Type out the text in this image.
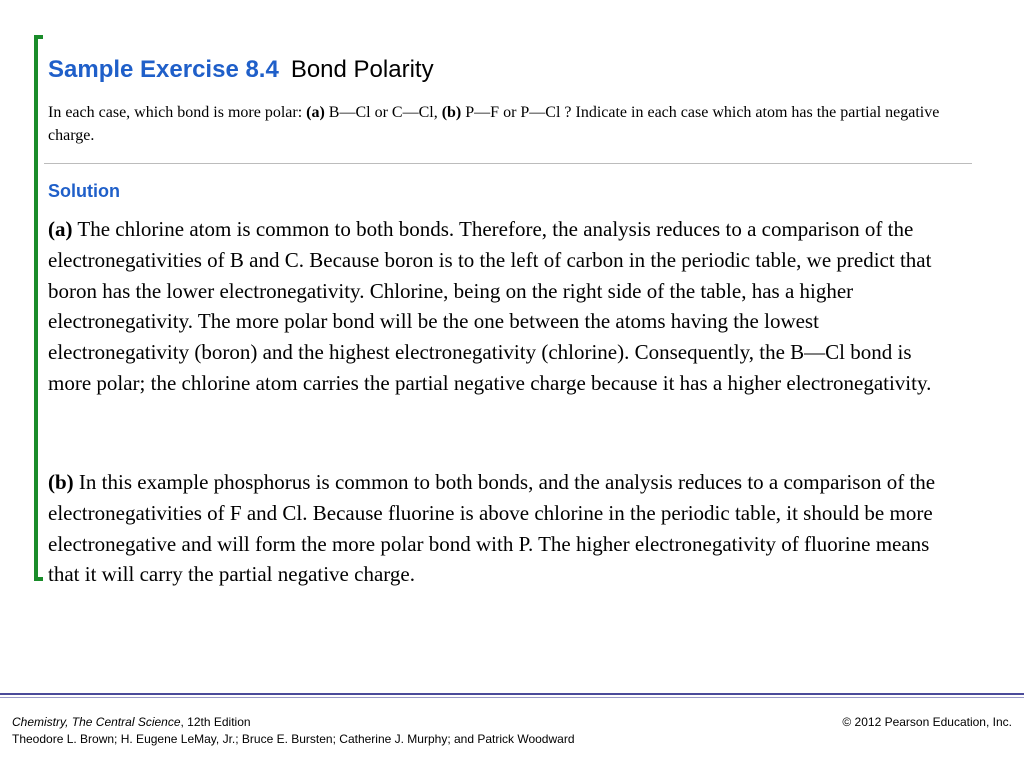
Sample Exercise 8.4 Bond Polarity
In each case, which bond is more polar: (a) B—Cl or C—Cl, (b) P—F or P—Cl ? Indicate in each case which atom has the partial negative charge.
Solution
(a) The chlorine atom is common to both bonds. Therefore, the analysis reduces to a comparison of the electronegativities of B and C. Because boron is to the left of carbon in the periodic table, we predict that boron has the lower electronegativity. Chlorine, being on the right side of the table, has a higher electronegativity. The more polar bond will be the one between the atoms having the lowest electronegativity (boron) and the highest electronegativity (chlorine). Consequently, the B—Cl bond is more polar; the chlorine atom carries the partial negative charge because it has a higher electronegativity.
(b) In this example phosphorus is common to both bonds, and the analysis reduces to a comparison of the electronegativities of F and Cl. Because fluorine is above chlorine in the periodic table, it should be more electronegative and will form the more polar bond with P. The higher electronegativity of fluorine means that it will carry the partial negative charge.
Chemistry, The Central Science, 12th Edition
Theodore L. Brown; H. Eugene LeMay, Jr.; Bruce E. Bursten; Catherine J. Murphy; and Patrick Woodward
© 2012 Pearson Education, Inc.
